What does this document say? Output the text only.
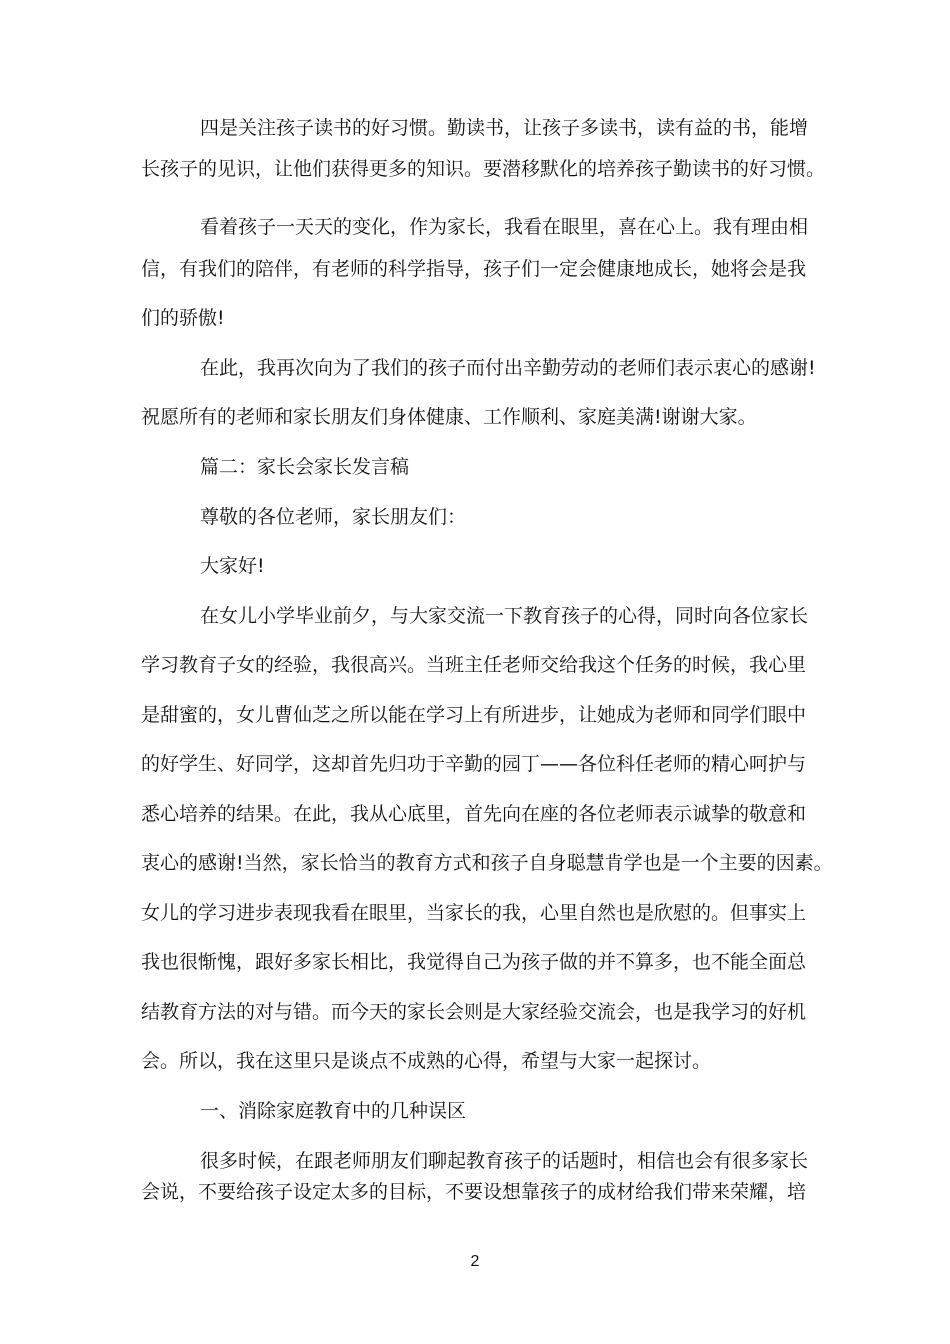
四是关注孩子读书的好习惯。勤读书，让孩子多读书，读有益的书，能增
长孩子的见识，让他们获得更多的知识。要潜移默化的培养孩子勤读书的好习惯。
看着孩子一天天的变化，作为家长，我看在眼里，喜在心上。我有理由相
信，有我们的陪伴，有老师的科学指导，孩子们一定会健康地成长，她将会是我
们的骄傲!
在此，我再次向为了我们的孩子而付出辛勤劳动的老师们表示衷心的感谢!
祝愿所有的老师和家长朋友们身体健康、工作顺利、家庭美满!谢谢大家。
篇二：家长会家长发言稿
尊敬的各位老师，家长朋友们：
大家好!
在女儿小学毕业前夕，与大家交流一下教育孩子的心得，同时向各位家长
学习教育子女的经验，我很高兴。当班主任老师交给我这个任务的时候，我心里
是甜蜜的，女儿曹仙芝之所以能在学习上有所进步，让她成为老师和同学们眼中
的好学生、好同学，这却首先归功于辛勤的园丁——各位科任老师的精心呵护与
悉心培养的结果。在此，我从心底里，首先向在座的各位老师表示诚挚的敬意和
衷心的感谢!当然，家长恰当的教育方式和孩子自身聪慧肯学也是一个主要的因素。
女儿的学习进步表现我看在眼里，当家长的我，心里自然也是欣慰的。但事实上
我也很惭愧，跟好多家长相比，我觉得自己为孩子做的并不算多，也不能全面总
结教育方法的对与错。而今天的家长会则是大家经验交流会，也是我学习的好机
会。所以，我在这里只是谈点不成熟的心得，希望与大家一起探讨。
一、消除家庭教育中的几种误区
很多时候，在跟老师朋友们聊起教育孩子的话题时，相信也会有很多家长
会说，不要给孩子设定太多的目标，不要设想靠孩子的成材给我们带来荣耀，培
2
